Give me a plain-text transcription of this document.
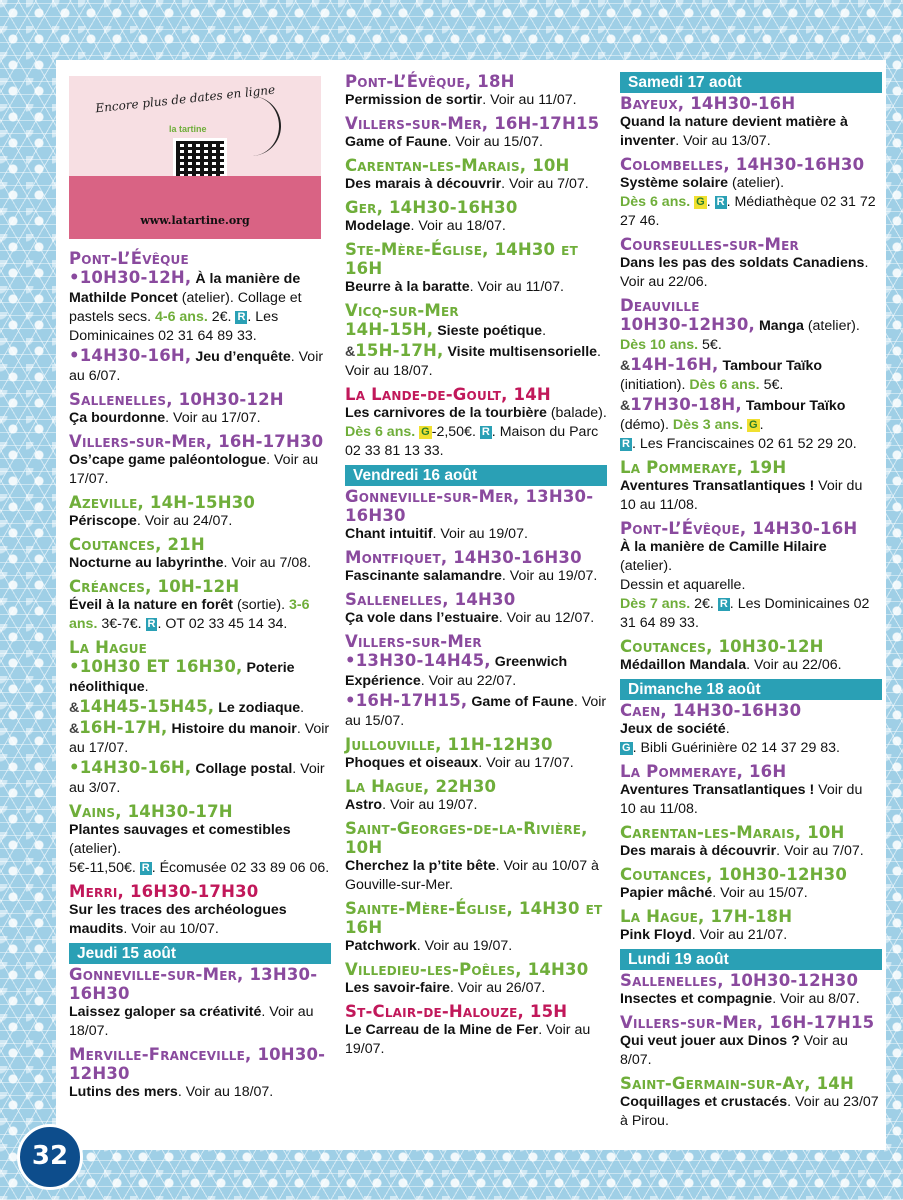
Encore plus de dates en ligne
la tartine
www.latartine.org
Pont-L’Évêque

•10H30-12H, À la manière de Mathilde Poncet (atelier). Collage et pastels secs. 4-6 ans. 2€. R . Les Dominicaines 02 31 64 89 33.

•14H30-16H, Jeu d’enquête. Voir au 6/07.

Sallenelles, 10H30-12H

Ça bourdonne. Voir au 17/07.

Villers-sur-Mer, 16H-17H30

Os’cape game paléontologue. Voir au 17/07.

Azeville, 14H-15H30

Périscope. Voir au 24/07.

Coutances, 21H

Nocturne au labyrinthe. Voir au 7/08.

Créances, 10H-12H

Éveil à la nature en forêt (sortie). 3-6 ans. 3€-7€. R . OT 02 33 45 14 34.

La Hague

•10H30 ET 16H30, Poterie néolithique.

&14H45-15H45, Le zodiaque.

&16H-17H, Histoire du manoir. Voir au 17/07.

•14H30-16H, Collage postal. Voir au 3/07.

Vains, 14H30-17H

Plantes sauvages et comestibles (atelier).
5€-11,50€. R . Écomusée 02 33 89 06 06.

Merri, 16H30-17H30

Sur les traces des archéologues maudits. Voir au 10/07.

Jeudi 15 août
Gonneville-sur-Mer, 13H30-16H30

Laissez galoper sa créativité. Voir au 18/07.

Merville-Franceville, 10H30-12H30

Lutins des mers. Voir au 18/07.

Pont-L’Évêque, 18H

Permission de sortir. Voir au 11/07.

Villers-sur-Mer, 16H-17H15

Game of Faune. Voir au 15/07.

Carentan-les-Marais, 10H

Des marais à découvrir. Voir au 7/07.

Ger, 14H30-16H30

Modelage. Voir au 18/07.

Ste-Mère-Église, 14H30 et 16H

Beurre à la baratte. Voir au 11/07.

Vicq-sur-Mer

14H-15H, Sieste poétique.

&15H-17H, Visite multisensorielle. Voir au 18/07.

La Lande-de-Goult, 14H

Les carnivores de la tourbière (balade).
Dès 6 ans. G -2,50€. R . Maison du Parc 02 33 81 13 33.

Vendredi 16 août
Gonneville-sur-Mer, 13H30-16H30

Chant intuitif. Voir au 19/07.

Montfiquet, 14H30-16H30

Fascinante salamandre. Voir au 19/07.

Sallenelles, 14H30

Ça vole dans l’estuaire. Voir au 12/07.

Villers-sur-Mer

•13H30-14H45, Greenwich Expérience. Voir au 22/07.

•16H-17H15, Game of Faune. Voir au 15/07.

Jullouville, 11H-12H30

Phoques et oiseaux. Voir au 17/07.

La Hague, 22H30

Astro. Voir au 19/07.

Saint-Georges-de-la-Rivière, 10H

Cherchez la p’tite bête. Voir au 10/07 à Gouville-sur-Mer.

Sainte-Mère-Église, 14H30 et 16H

Patchwork. Voir au 19/07.

Villedieu-les-Poêles, 14H30

Les savoir-faire. Voir au 26/07.

St-Clair-de-Halouze, 15H

Le Carreau de la Mine de Fer. Voir au 19/07.

Samedi 17 août
Bayeux, 14H30-16H

Quand la nature devient matière à inventer. Voir au 13/07.

Colombelles, 14H30-16H30

Système solaire (atelier).
Dès 6 ans. G . R . Médiathèque 02 31 72 27 46.

Courseulles-sur-Mer

Dans les pas des soldats Canadiens. Voir au 22/06.

Deauville

10H30-12H30, Manga (atelier).
Dès 10 ans. 5€.

&14H-16H, Tambour Taïko
(initiation). Dès 6 ans. 5€.

&17H30-18H, Tambour Taïko
(démo). Dès 3 ans. G .
R . Les Franciscaines 02 61 52 29 20.

La Pommeraye, 19H

Aventures Transatlantiques ! Voir du 10 au 11/08.

Pont-L’Évêque, 14H30-16H

À la manière de Camille Hilaire
(atelier).
Dessin et aquarelle.
Dès 7 ans. 2€. R . Les Dominicaines 02 31 64 89 33.

Coutances, 10H30-12H

Médaillon Mandala. Voir au 22/06.

Dimanche 18 août
Caen, 14H30-16H30

Jeux de société.
G . Bibli Guérinière 02 14 37 29 83.

La Pommeraye, 16H

Aventures Transatlantiques ! Voir du 10 au 11/08.

Carentan-les-Marais, 10H

Des marais à découvrir. Voir au 7/07.

Coutances, 10H30-12H30

Papier mâché. Voir au 15/07.

La Hague, 17H-18H

Pink Floyd. Voir au 21/07.

Lundi 19 août
Sallenelles, 10H30-12H30

Insectes et compagnie. Voir au 8/07.

Villers-sur-Mer, 16H-17H15

Qui veut jouer aux Dinos ? Voir au 8/07.

Saint-Germain-sur-Ay, 14H

Coquillages et crustacés. Voir au 23/07 à Pirou.

32
